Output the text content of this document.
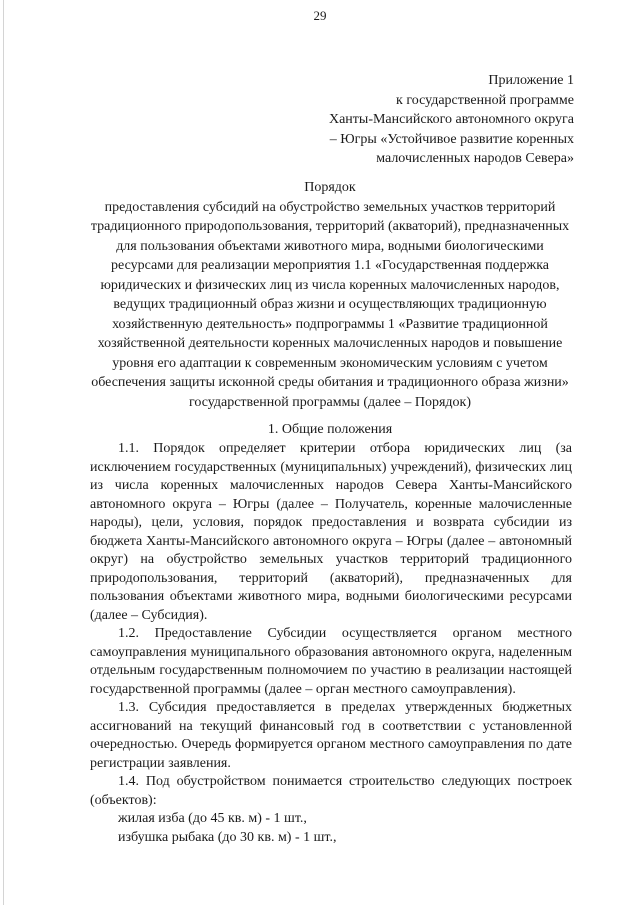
29
Приложение 1
к государственной программе
Ханты-Мансийского автономного округа
– Югры «Устойчивое развитие коренных
малочисленных народов Севера»

Порядок

предоставления субсидий на обустройство земельных участков территорий традиционного природопользования, территорий (акваторий), предназначенных для пользования объектами животного мира, водными биологическими ресурсами для реализации мероприятия 1.1 «Государственная поддержка юридических и физических лиц из числа коренных малочисленных народов, ведущих традиционный образ жизни и осуществляющих традиционную хозяйственную деятельность» подпрограммы 1 «Развитие традиционной хозяйственной деятельности коренных малочисленных народов и повышение уровня его адаптации к современным экономическим условиям с учетом обеспечения защиты исконной среды обитания и традиционного образа жизни» государственной программы (далее – Порядок)

1. Общие положения

1.1. Порядок определяет критерии отбора юридических лиц (за исключением государственных (муниципальных) учреждений), физических лиц из числа коренных малочисленных народов Севера Ханты-Мансийского автономного округа – Югры (далее – Получатель, коренные малочисленные народы), цели, условия, порядок предоставления и возврата субсидии из бюджета Ханты-Мансийского автономного округа – Югры (далее – автономный округ) на обустройство земельных участков территорий традиционного природопользования, территорий (акваторий), предназначенных для пользования объектами животного мира, водными биологическими ресурсами (далее – Субсидия).

1.2. Предоставление Субсидии осуществляется органом местного самоуправления муниципального образования автономного округа, наделенным отдельным государственным полномочием по участию в реализации настоящей государственной программы (далее – орган местного самоуправления).

1.3. Субсидия предоставляется в пределах утвержденных бюджетных ассигнований на текущий финансовый год в соответствии с установленной очередностью. Очередь формируется органом местного самоуправления по дате регистрации заявления.

1.4. Под обустройством понимается строительство следующих построек (объектов):

жилая изба (до 45 кв. м) - 1 шт.,

избушка рыбака (до 30 кв. м) - 1 шт.,
